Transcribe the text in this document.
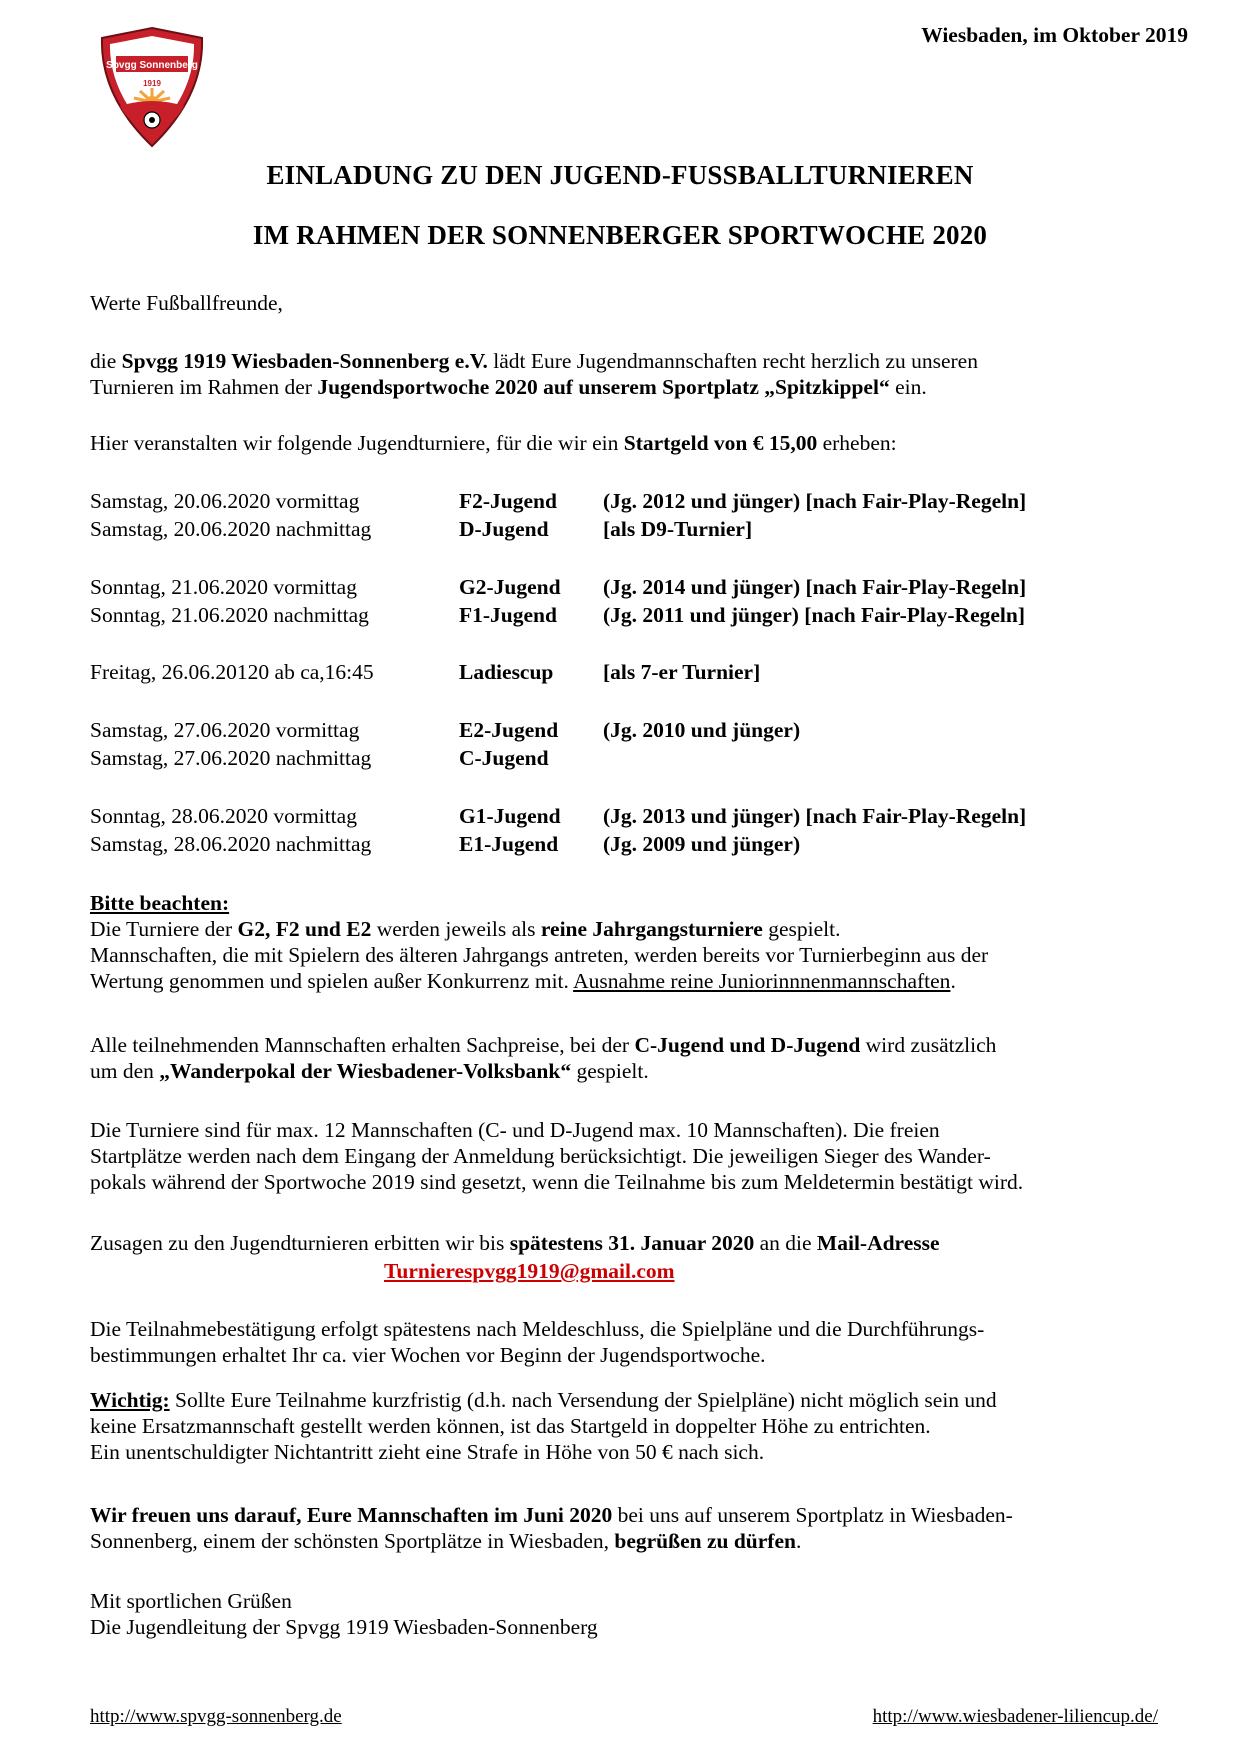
Spvgg Sonnenberg
1919
Wiesbaden, im Oktober 2019
EINLADUNG ZU DEN JUGEND-FUSSBALLTURNIEREN
IM RAHMEN DER SONNENBERGER SPORTWOCHE 2020
Werte Fußballfreunde,
die Spvgg 1919 Wiesbaden-Sonnenberg e.V. lädt Eure Jugendmannschaften recht herzlich zu unseren
Turnieren im Rahmen der Jugendsportwoche 2020 auf unserem Sportplatz „Spitzkippel“ ein.
Hier veranstalten wir folgende Jugendturniere, für die wir ein Startgeld von € 15,00 erheben:
Samstag, 20.06.2020 vormittag	F2-Jugend (Jg. 2012 und jünger) [nach Fair-Play-Regeln]
Samstag, 20.06.2020 nachmittag	D-Jugend	[als D9-Turnier]
Sonntag, 21.06.2020 vormittag	G2-Jugend (Jg. 2014 und jünger) [nach Fair-Play-Regeln]
Sonntag, 21.06.2020 nachmittag	F1-Jugend (Jg. 2011 und jünger) [nach Fair-Play-Regeln]
Freitag, 26.06.20120 ab ca,16:45	Ladiescup [als 7-er Turnier]
Samstag, 27.06.2020 vormittag	E2-Jugend (Jg. 2010 und jünger)
Samstag, 27.06.2020 nachmittag	C-Jugend
Sonntag, 28.06.2020 vormittag	G1-Jugend (Jg. 2013 und jünger) [nach Fair-Play-Regeln]
Samstag, 28.06.2020 nachmittag	E1-Jugend (Jg. 2009 und jünger)
Bitte beachten:
Die Turniere der G2, F2 und E2 werden jeweils als reine Jahrgangsturniere gespielt.
Mannschaften, die mit Spielern des älteren Jahrgangs antreten, werden bereits vor Turnierbeginn aus der
Wertung genommen und spielen außer Konkurrenz mit. Ausnahme reine Juniorinnnenmannschaften.
Alle teilnehmenden Mannschaften erhalten Sachpreise, bei der C-Jugend und D-Jugend wird zusätzlich
um den „Wanderpokal der Wiesbadener-Volksbank“ gespielt.
Die Turniere sind für max. 12 Mannschaften (C- und D-Jugend max. 10 Mannschaften). Die freien
Startplätze werden nach dem Eingang der Anmeldung berücksichtigt. Die jeweiligen Sieger des Wander-
pokals während der Sportwoche 2019 sind gesetzt, wenn die Teilnahme bis zum Meldetermin bestätigt wird.
Zusagen zu den Jugendturnieren erbitten wir bis spätestens 31. Januar 2020 an die Mail-Adresse
Turnierespvgg1919@gmail.com
Die Teilnahmebestätigung erfolgt spätestens nach Meldeschluss, die Spielpläne und die Durchführungs-
bestimmungen erhaltet Ihr ca. vier Wochen vor Beginn der Jugendsportwoche.
Wichtig: Sollte Eure Teilnahme kurzfristig (d.h. nach Versendung der Spielpläne) nicht möglich sein und
keine Ersatzmannschaft gestellt werden können, ist das Startgeld in doppelter Höhe zu entrichten.
Ein unentschuldigter Nichtantritt zieht eine Strafe in Höhe von 50 € nach sich.
Wir freuen uns darauf, Eure Mannschaften im Juni 2020 bei uns auf unserem Sportplatz in Wiesbaden-
Sonnenberg, einem der schönsten Sportplätze in Wiesbaden, begrüßen zu dürfen.
Mit sportlichen Grüßen
Die Jugendleitung der Spvgg 1919 Wiesbaden-Sonnenberg
http://www.spvgg-sonnenberg.de	http://www.wiesbadener-liliencup.de/
